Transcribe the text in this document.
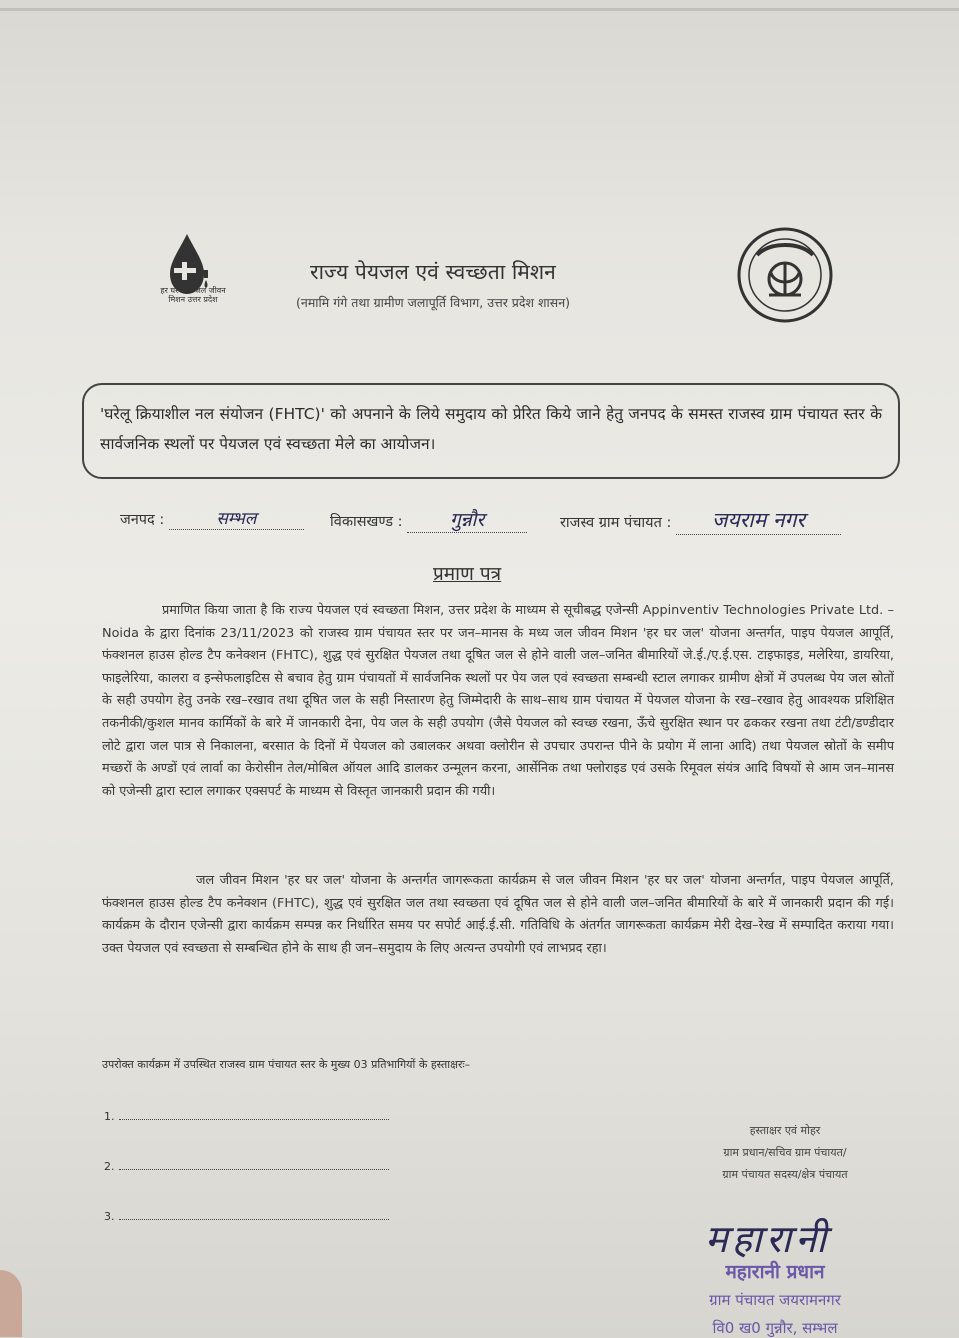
हर घर जल जल जीवन मिशन उत्तर प्रदेश
राज्य पेयजल एवं स्वच्छता मिशन
(नमामि गंगे तथा ग्रामीण जलापूर्ति विभाग, उत्तर प्रदेश शासन)
'घरेलू क्रियाशील नल संयोजन (FHTC)' को अपनाने के लिये समुदाय को प्रेरित किये जाने हेतु जनपद के समस्त राजस्व ग्राम पंचायत स्तर के सार्वजनिक स्थलों पर पेयजल एवं स्वच्छता मेले का आयोजन।
जनपद :	सम्भल	विकासखण्ड : गुन्नौर	राजस्व ग्राम पंचायत : जयराम नगर
प्रमाण पत्र
प्रमाणित किया जाता है कि राज्य पेयजल एवं स्वच्छता मिशन, उत्तर प्रदेश के माध्यम से सूचीबद्ध एजेन्सी Appinventiv Technologies Private Ltd. – Noida के द्वारा दिनांक 23/11/2023 को राजस्व ग्राम पंचायत स्तर पर जन–मानस के मध्य जल जीवन मिशन 'हर घर जल' योजना अन्तर्गत, पाइप पेयजल आपूर्ति, फंक्शनल हाउस होल्ड टैप कनेक्शन (FHTC), शुद्ध एवं सुरक्षित पेयजल तथा दूषित जल से होने वाली जल–जनित बीमारियों जे.ई./ए.ई.एस. टाइफाइड, मलेरिया, डायरिया, फाइलेरिया, कालरा व इन्सेफलाइटिस से बचाव हेतु ग्राम पंचायतों में सार्वजनिक स्थलों पर पेय जल एवं स्वच्छता सम्बन्धी स्टाल लगाकर ग्रामीण क्षेत्रों में उपलब्ध पेय जल स्रोतों के सही उपयोग हेतु उनके रख–रखाव तथा दूषित जल के सही निस्तारण हेतु जिम्मेदारी के साथ–साथ ग्राम पंचायत में पेयजल योजना के रख–रखाव हेतु आवश्यक प्रशिक्षित तकनीकी/कुशल मानव कार्मिकों के बारे में जानकारी देना, पेय जल के सही उपयोग (जैसे पेयजल को स्वच्छ रखना, ऊँचे सुरक्षित स्थान पर ढककर रखना तथा टंटी/डण्डीदार लोटे द्वारा जल पात्र से निकालना, बरसात के दिनों में पेयजल को उबालकर अथवा क्लोरीन से उपचार उपरान्त पीने के प्रयोग में लाना आदि) तथा पेयजल स्रोतों के समीप मच्छरों के अण्डों एवं लार्वा का केरोसीन तेल/मोबिल ऑयल आदि डालकर उन्मूलन करना, आर्सेनिक तथा फ्लोराइड एवं उसके रिमूवल संयंत्र आदि विषयों से आम जन–मानस को एजेन्सी द्वारा स्टाल लगाकर एक्सपर्ट के माध्यम से विस्तृत जानकारी प्रदान की गयी।
जल जीवन मिशन 'हर घर जल' योजना के अन्तर्गत जागरूकता कार्यक्रम से जल जीवन मिशन 'हर घर जल' योजना अन्तर्गत, पाइप पेयजल आपूर्ति, फंक्शनल हाउस होल्ड टैप कनेक्शन (FHTC), शुद्ध एवं सुरक्षित जल तथा स्वच्छता एवं दूषित जल से होने वाली जल–जनित बीमारियों के बारे में जानकारी प्रदान की गई। कार्यक्रम के दौरान एजेन्सी द्वारा कार्यक्रम सम्पन्न कर निर्धारित समय पर सपोर्ट आई.ई.सी. गतिविधि के अंतर्गत जागरूकता कार्यक्रम मेरी देख–रेख में सम्पादित कराया गया। उक्त पेयजल एवं स्वच्छता से सम्बन्धित होने के साथ ही जन–समुदाय के लिए अत्यन्त उपयोगी एवं लाभप्रद रहा।
उपरोक्त कार्यक्रम में उपस्थित राजस्व ग्राम पंचायत स्तर के मुख्य 03 प्रतिभागियों के हस्ताक्षरः–
1.
2.
3.
हस्ताक्षर एवं मोहर
ग्राम प्रधान/सचिव ग्राम पंचायत/
ग्राम पंचायत सदस्य/क्षेत्र पंचायत
महारानी
महारानी प्रधान
ग्राम पंचायत जयरामनगर
वि0 ख0 गुन्नौर, सम्भल
